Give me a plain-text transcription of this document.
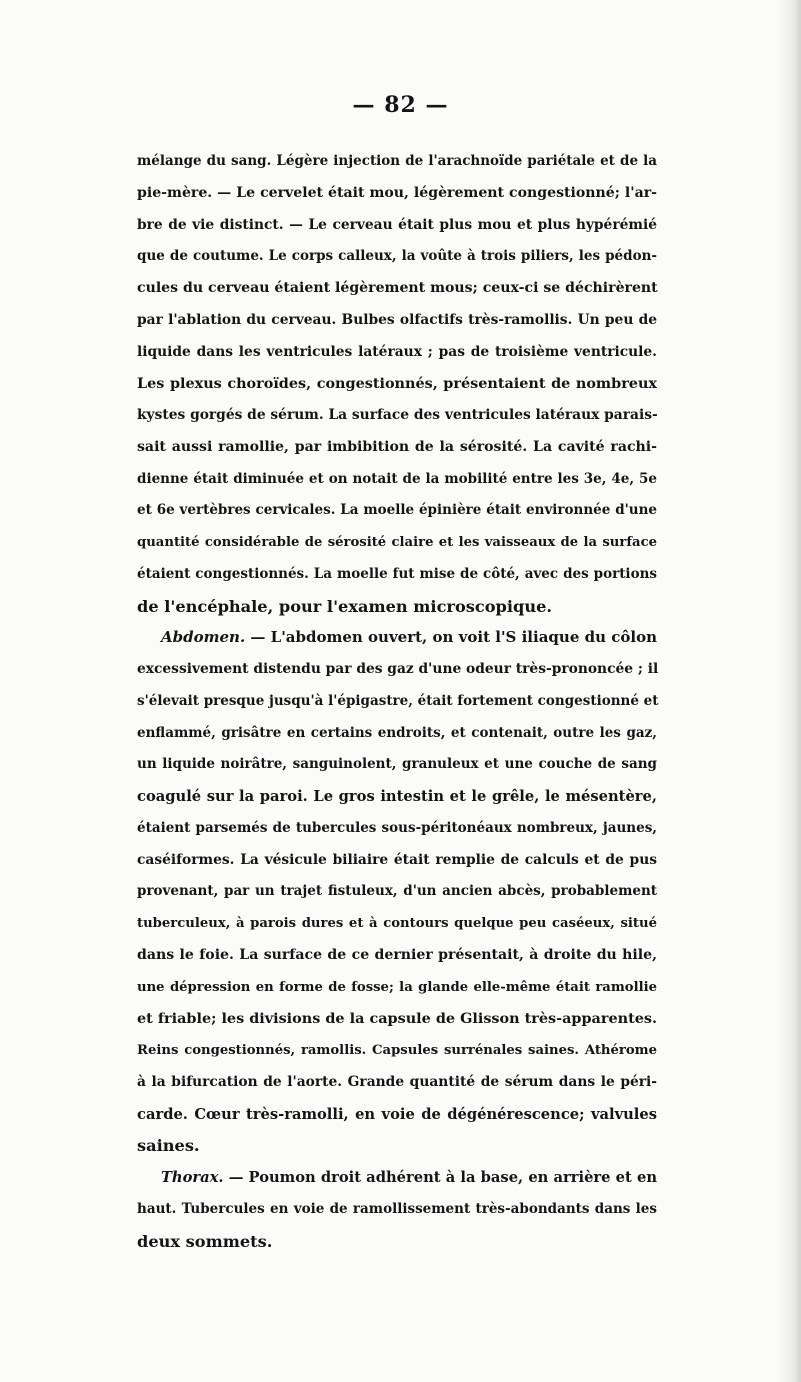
— 82 —

mélange du sang. Légère injection de l'arachnoïde pariétale et de la
pie-mère. — Le cervelet était mou, légèrement congestionné; l'ar-
bre de vie distinct. — Le cerveau était plus mou et plus hypérémié
que de coutume. Le corps calleux, la voûte à trois piliers, les pédon-
cules du cerveau étaient légèrement mous; ceux-ci se déchirèrent
par l'ablation du cerveau. Bulbes olfactifs très-ramollis. Un peu de
liquide dans les ventricules latéraux ; pas de troisième ventricule.
Les plexus choroïdes, congestionnés, présentaient de nombreux
kystes gorgés de sérum. La surface des ventricules latéraux parais-
sait aussi ramollie, par imbibition de la sérosité. La cavité rachi-
dienne était diminuée et on notait de la mobilité entre les 3e, 4e, 5e
et 6e vertèbres cervicales. La moelle épinière était environnée d'une
quantité considérable de sérosité claire et les vaisseaux de la surface
étaient congestionnés. La moelle fut mise de côté, avec des portions
de l'encéphale, pour l'examen microscopique.

Abdomen. — L'abdomen ouvert, on voit l'S iliaque du côlon
excessivement distendu par des gaz d'une odeur très-prononcée ; il
s'élevait presque jusqu'à l'épigastre, était fortement congestionné et
enflammé, grisâtre en certains endroits, et contenait, outre les gaz,
un liquide noirâtre, sanguinolent, granuleux et une couche de sang
coagulé sur la paroi. Le gros intestin et le grêle, le mésentère,
étaient parsemés de tubercules sous-péritonéaux nombreux, jaunes,
caséiformes. La vésicule biliaire était remplie de calculs et de pus
provenant, par un trajet fistuleux, d'un ancien abcès, probablement
tuberculeux, à parois dures et à contours quelque peu caséeux, situé
dans le foie. La surface de ce dernier présentait, à droite du hile,
une dépression en forme de fosse; la glande elle-même était ramollie
et friable; les divisions de la capsule de Glisson très-apparentes.
Reins congestionnés, ramollis. Capsules surrénales saines. Athérome
à la bifurcation de l'aorte. Grande quantité de sérum dans le péri-
carde. Cœur très-ramolli, en voie de dégénérescence; valvules
saines.

Thorax. — Poumon droit adhérent à la base, en arrière et en
haut. Tubercules en voie de ramollissement très-abondants dans les
deux sommets.
